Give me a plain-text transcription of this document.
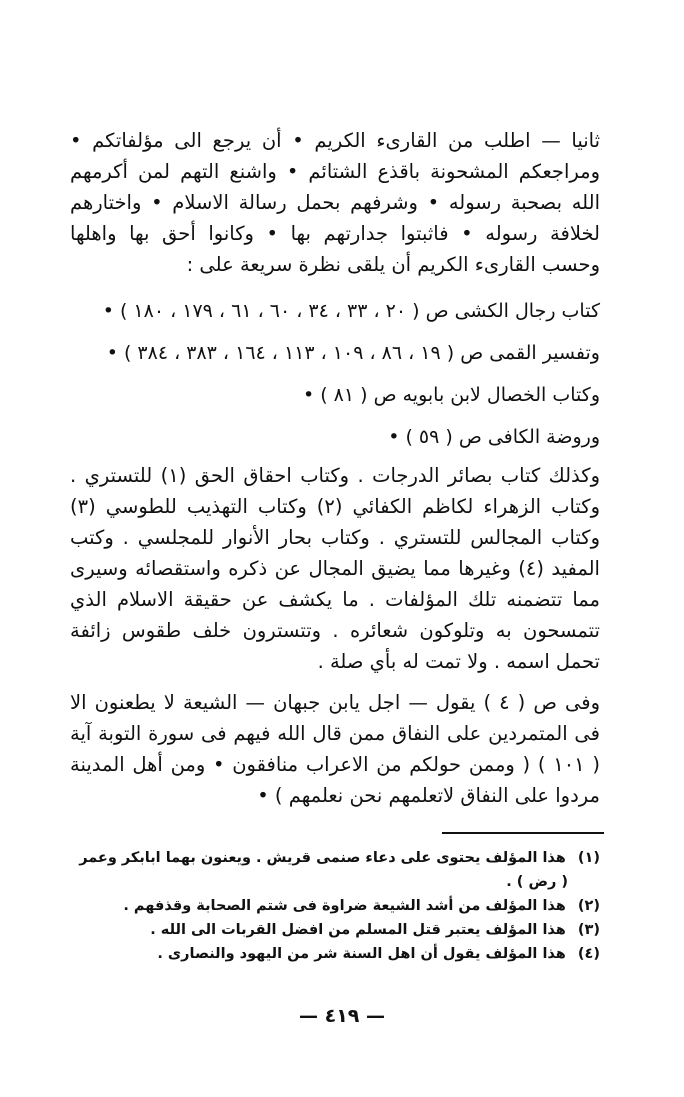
ثانيا — اطلب من القارىء الكريم • أن يرجع الى مؤلفاتكم • ومراجعكم المشحونة باقذع الشتائم • واشنع التهم لمن أكرمهم الله بصحبة رسوله • وشرفهم بحمل رسالة الاسلام • واختارهم لخلافة رسوله • فاثبتوا جدارتهم بها • وكانوا أحق بها واهلها وحسب القارىء الكريم أن يلقى نظرة سريعة على :

كتاب رجال الكشى ص ( ٢٠ ، ٣٣ ، ٣٤ ، ٦٠ ، ٦١ ، ١٧٩ ، ١٨٠ ) •

وتفسير القمى ص ( ١٩ ، ٨٦ ، ١٠٩ ، ١١٣ ، ١٦٤ ، ٣٨٣ ، ٣٨٤ ) •

وكتاب الخصال لابن بابويه ص ( ٨١ ) •

وروضة الكافى ص ( ٥٩ ) •

وكذلك كتاب بصائر الدرجات . وكتاب احقاق الحق (١) للتستري . وكتاب الزهراء لكاظم الكفائي (٢) وكتاب التهذيب للطوسي (٣) وكتاب المجالس للتستري . وكتاب بحار الأنوار للمجلسي . وكتب المفيد (٤) وغيرها مما يضيق المجال عن ذكره واستقصائه وسيرى مما تتضمنه تلك المؤلفات . ما يكشف عن حقيقة الاسلام الذي تتمسحون به وتلوكون شعائره . وتتسترون خلف طقوس زائفة تحمل اسمه . ولا تمت له بأي صلة .

وفى ص ( ٤ ) يقول — اجل يابن جبهان — الشيعة لا يطعنون الا فى المتمردين على النفاق ممن قال الله فيهم فى سورة التوبة آية ( ١٠١ ) ( وممن حولكم من الاعراب منافقون • ومن أهل المدينة مردوا على النفاق لاتعلمهم نحن نعلمهم ) •

(١)هذا المؤلف يحتوى على دعاء صنمى قريش . ويعنون بهما ابابكر وعمر

( رض ) .

(٢)هذا المؤلف من أشد الشيعة ضراوة فى شتم الصحابة وقذفهم .

(٣)هذا المؤلف يعتبر قتل المسلم من افضل القربات الى الله .

(٤)هذا المؤلف يقول أن اهل السنة شر من اليهود والنصارى .

— ٤١٩ —
